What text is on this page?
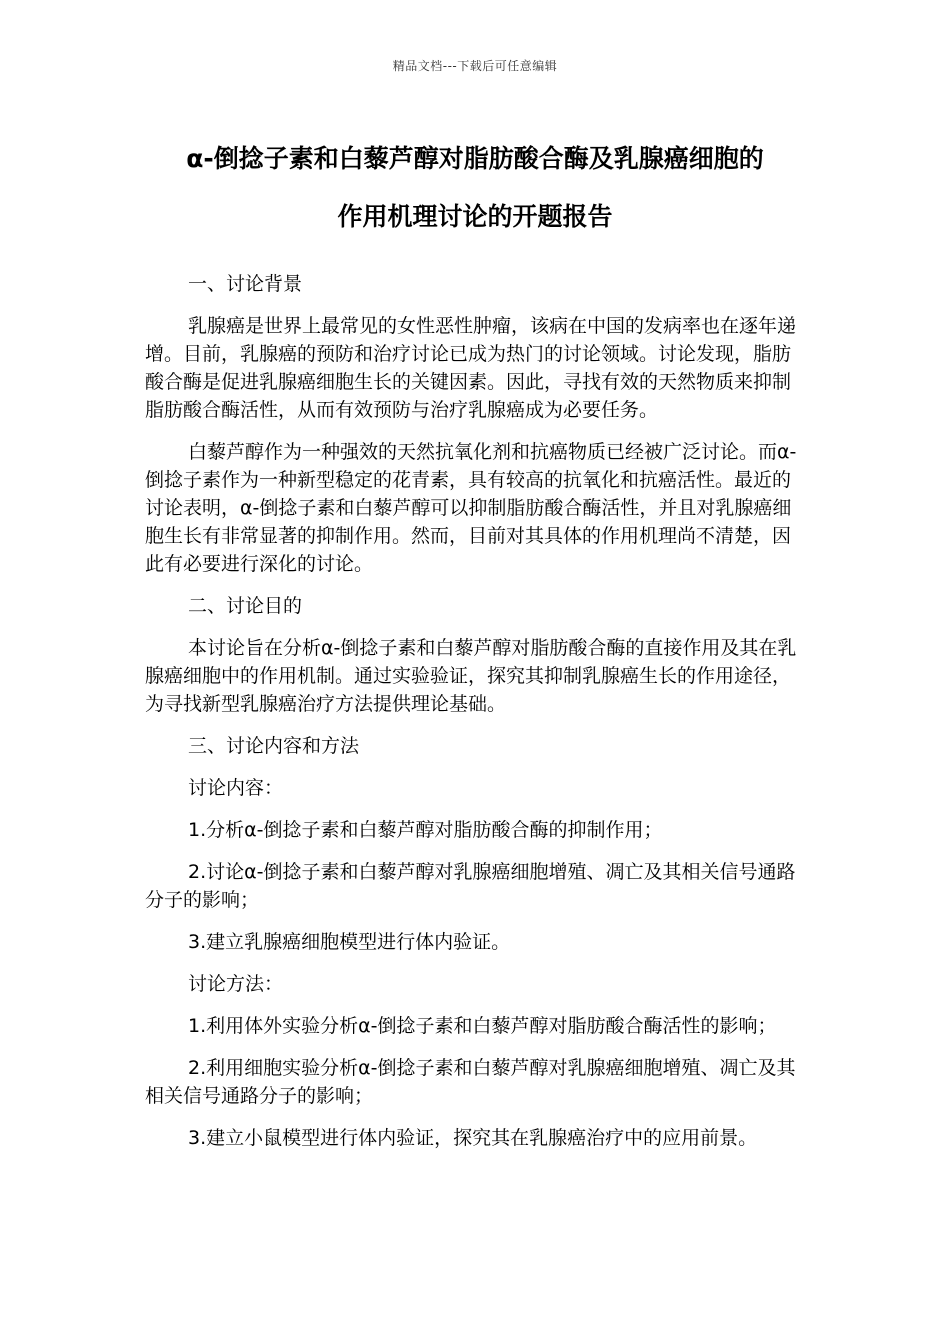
精品文档---下载后可任意编辑
α-倒捻子素和白藜芦醇对脂肪酸合酶及乳腺癌细胞的
作用机理讨论的开题报告

一、讨论背景

乳腺癌是世界上最常见的女性恶性肿瘤，该病在中国的发病率也在逐年递增。目前，乳腺癌的预防和治疗讨论已成为热门的讨论领域。讨论发现，脂肪酸合酶是促进乳腺癌细胞生长的关键因素。因此，寻找有效的天然物质来抑制脂肪酸合酶活性，从而有效预防与治疗乳腺癌成为必要任务。

白藜芦醇作为一种强效的天然抗氧化剂和抗癌物质已经被广泛讨论。而α-倒捻子素作为一种新型稳定的花青素，具有较高的抗氧化和抗癌活性。最近的讨论表明，α-倒捻子素和白藜芦醇可以抑制脂肪酸合酶活性，并且对乳腺癌细胞生长有非常显著的抑制作用。然而，目前对其具体的作用机理尚不清楚，因此有必要进行深化的讨论。

二、讨论目的

本讨论旨在分析α-倒捻子素和白藜芦醇对脂肪酸合酶的直接作用及其在乳腺癌细胞中的作用机制。通过实验验证，探究其抑制乳腺癌生长的作用途径，为寻找新型乳腺癌治疗方法提供理论基础。

三、讨论内容和方法

讨论内容：

1.分析α-倒捻子素和白藜芦醇对脂肪酸合酶的抑制作用；

2.讨论α-倒捻子素和白藜芦醇对乳腺癌细胞增殖、凋亡及其相关信号通路分子的影响；

3.建立乳腺癌细胞模型进行体内验证。

讨论方法：

1.利用体外实验分析α-倒捻子素和白藜芦醇对脂肪酸合酶活性的影响；

2.利用细胞实验分析α-倒捻子素和白藜芦醇对乳腺癌细胞增殖、凋亡及其相关信号通路分子的影响；

3.建立小鼠模型进行体内验证，探究其在乳腺癌治疗中的应用前景。
